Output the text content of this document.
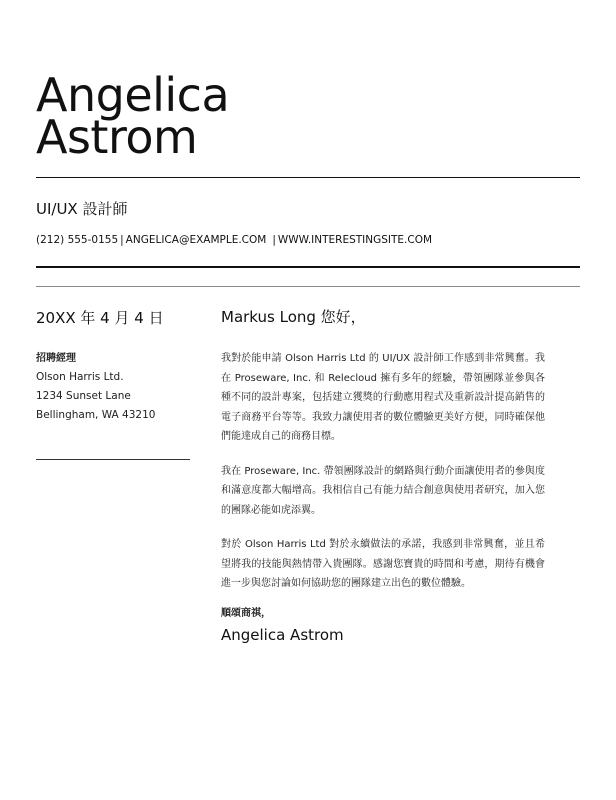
Angelica
Astrom
UI/UX 設計師
(212) 555-0155 | ANGELICA@EXAMPLE.COM | WWW.INTERESTINGSITE.COM
20XX 年 4 月 4 日
招聘經理
Olson Harris Ltd.
1234 Sunset Lane
Bellingham, WA 43210
Markus Long 您好，

我對於能申請 Olson Harris Ltd 的 UI/UX 設計師工作感到非常興奮。我在 Proseware, Inc. 和 Relecloud 擁有多年的經驗，帶領團隊並參與各種不同的設計專案，包括建立獲獎的行動應用程式及重新設計提高銷售的電子商務平台等等。我致力讓使用者的數位體驗更美好方便，同時確保他們能達成自己的商務目標。

我在 Proseware, Inc. 帶領團隊設計的網路與行動介面讓使用者的參與度和滿意度都大幅增高。我相信自己有能力結合創意與使用者研究，加入您的團隊必能如虎添翼。

對於 Olson Harris Ltd 對於永續做法的承諾，我感到非常興奮，並且希望將我的技能與熱情帶入貴團隊。感謝您寶貴的時間和考慮，期待有機會進一步與您討論如何協助您的團隊建立出色的數位體驗。

順頌商祺，
Angelica Astrom
